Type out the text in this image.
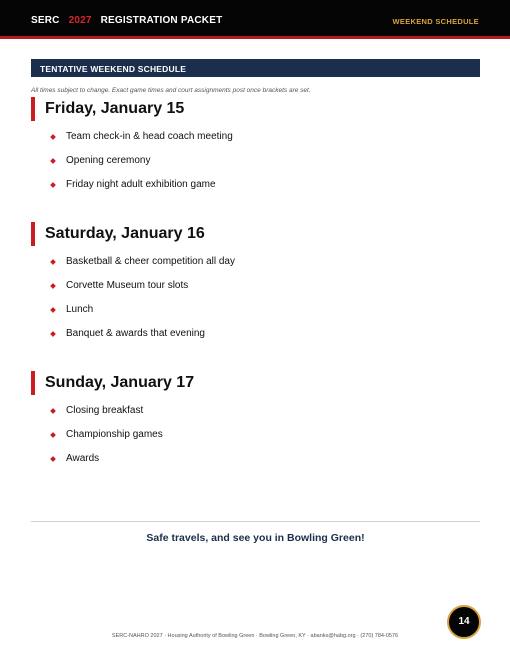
SERC 2027 REGISTRATION PACKET	WEEKEND SCHEDULE
TENTATIVE WEEKEND SCHEDULE
All times subject to change. Exact game times and court assignments post once brackets are set.
Friday, January 15
Team check-in & head coach meeting
Opening ceremony
Friday night adult exhibition game
Saturday, January 16
Basketball & cheer competition all day
Corvette Museum tour slots
Lunch
Banquet & awards that evening
Sunday, January 17
Closing breakfast
Championship games
Awards
Safe travels, and see you in Bowling Green!
14
SERC-NAHRO 2027 · Housing Authority of Bowling Green · Bowling Green, KY · abanks@habg.org · (270) 784-0576
